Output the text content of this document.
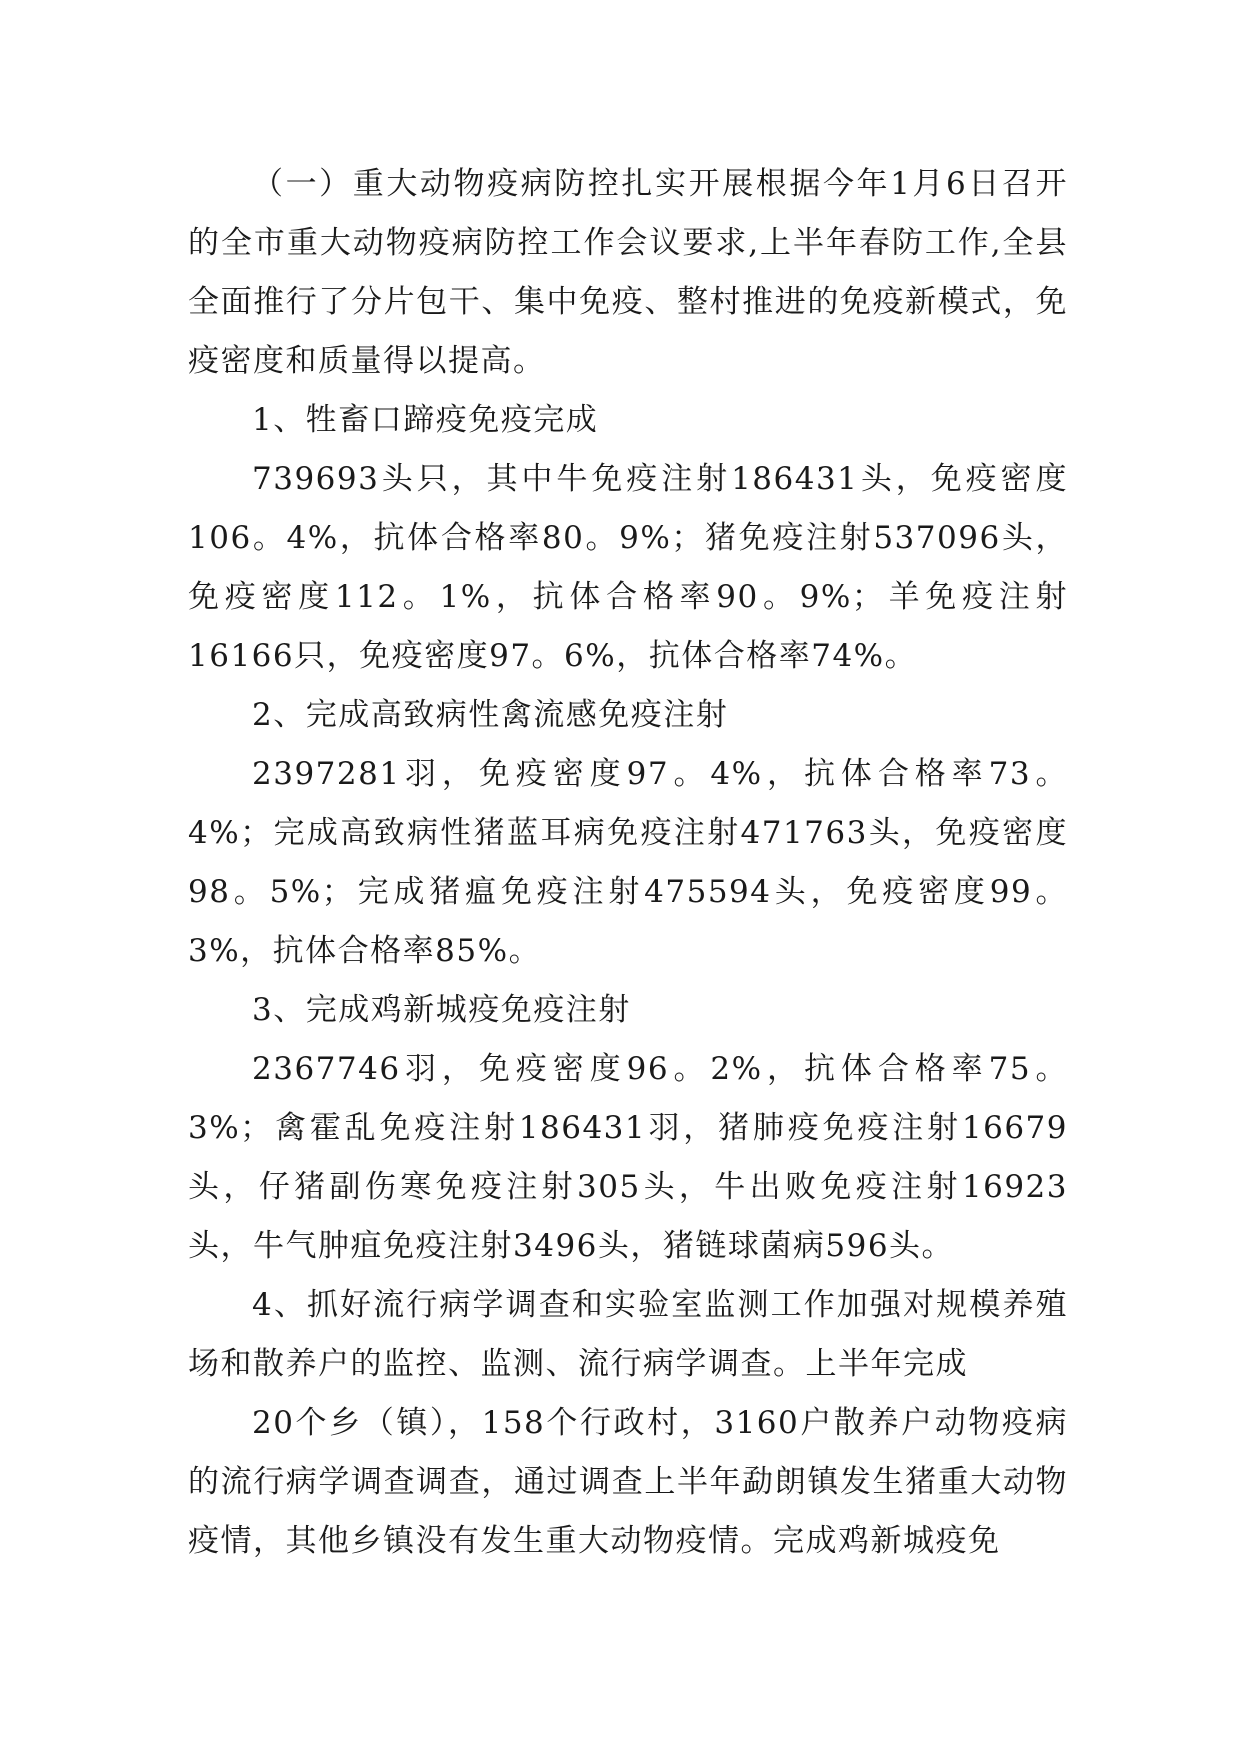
（一）重大动物疫病防控扎实开展根据今年1月6日召开的全市重大动物疫病防控工作会议要求,上半年春防工作,全县全面推行了分片包干、集中免疫、整村推进的免疫新模式，免疫密度和质量得以提高。

1、牲畜口蹄疫免疫完成

739693头只，其中牛免疫注射186431头，免疫密度106。4%，抗体合格率80。9%；猪免疫注射537096头，免疫密度112。1%，抗体合格率90。9%；羊免疫注射16166只，免疫密度97。6%，抗体合格率74%。

2、完成高致病性禽流感免疫注射

2397281羽，免疫密度97。4%，抗体合格率73。4%；完成高致病性猪蓝耳病免疫注射471763头，免疫密度98。5%；完成猪瘟免疫注射475594头，免疫密度99。3%，抗体合格率85%。

3、完成鸡新城疫免疫注射

2367746羽，免疫密度96。2%，抗体合格率75。3%；禽霍乱免疫注射186431羽，猪肺疫免疫注射16679头，仔猪副伤寒免疫注射305头，牛出败免疫注射16923头，牛气肿疽免疫注射3496头，猪链球菌病596头。

4、抓好流行病学调查和实验室监测工作加强对规模养殖场和散养户的监控、监测、流行病学调查。上半年完成

20个乡（镇），158个行政村，3160户散养户动物疫病的流行病学调查调查，通过调查上半年勐朗镇发生猪重大动物疫情，其他乡镇没有发生重大动物疫情。完成鸡新城疫免
